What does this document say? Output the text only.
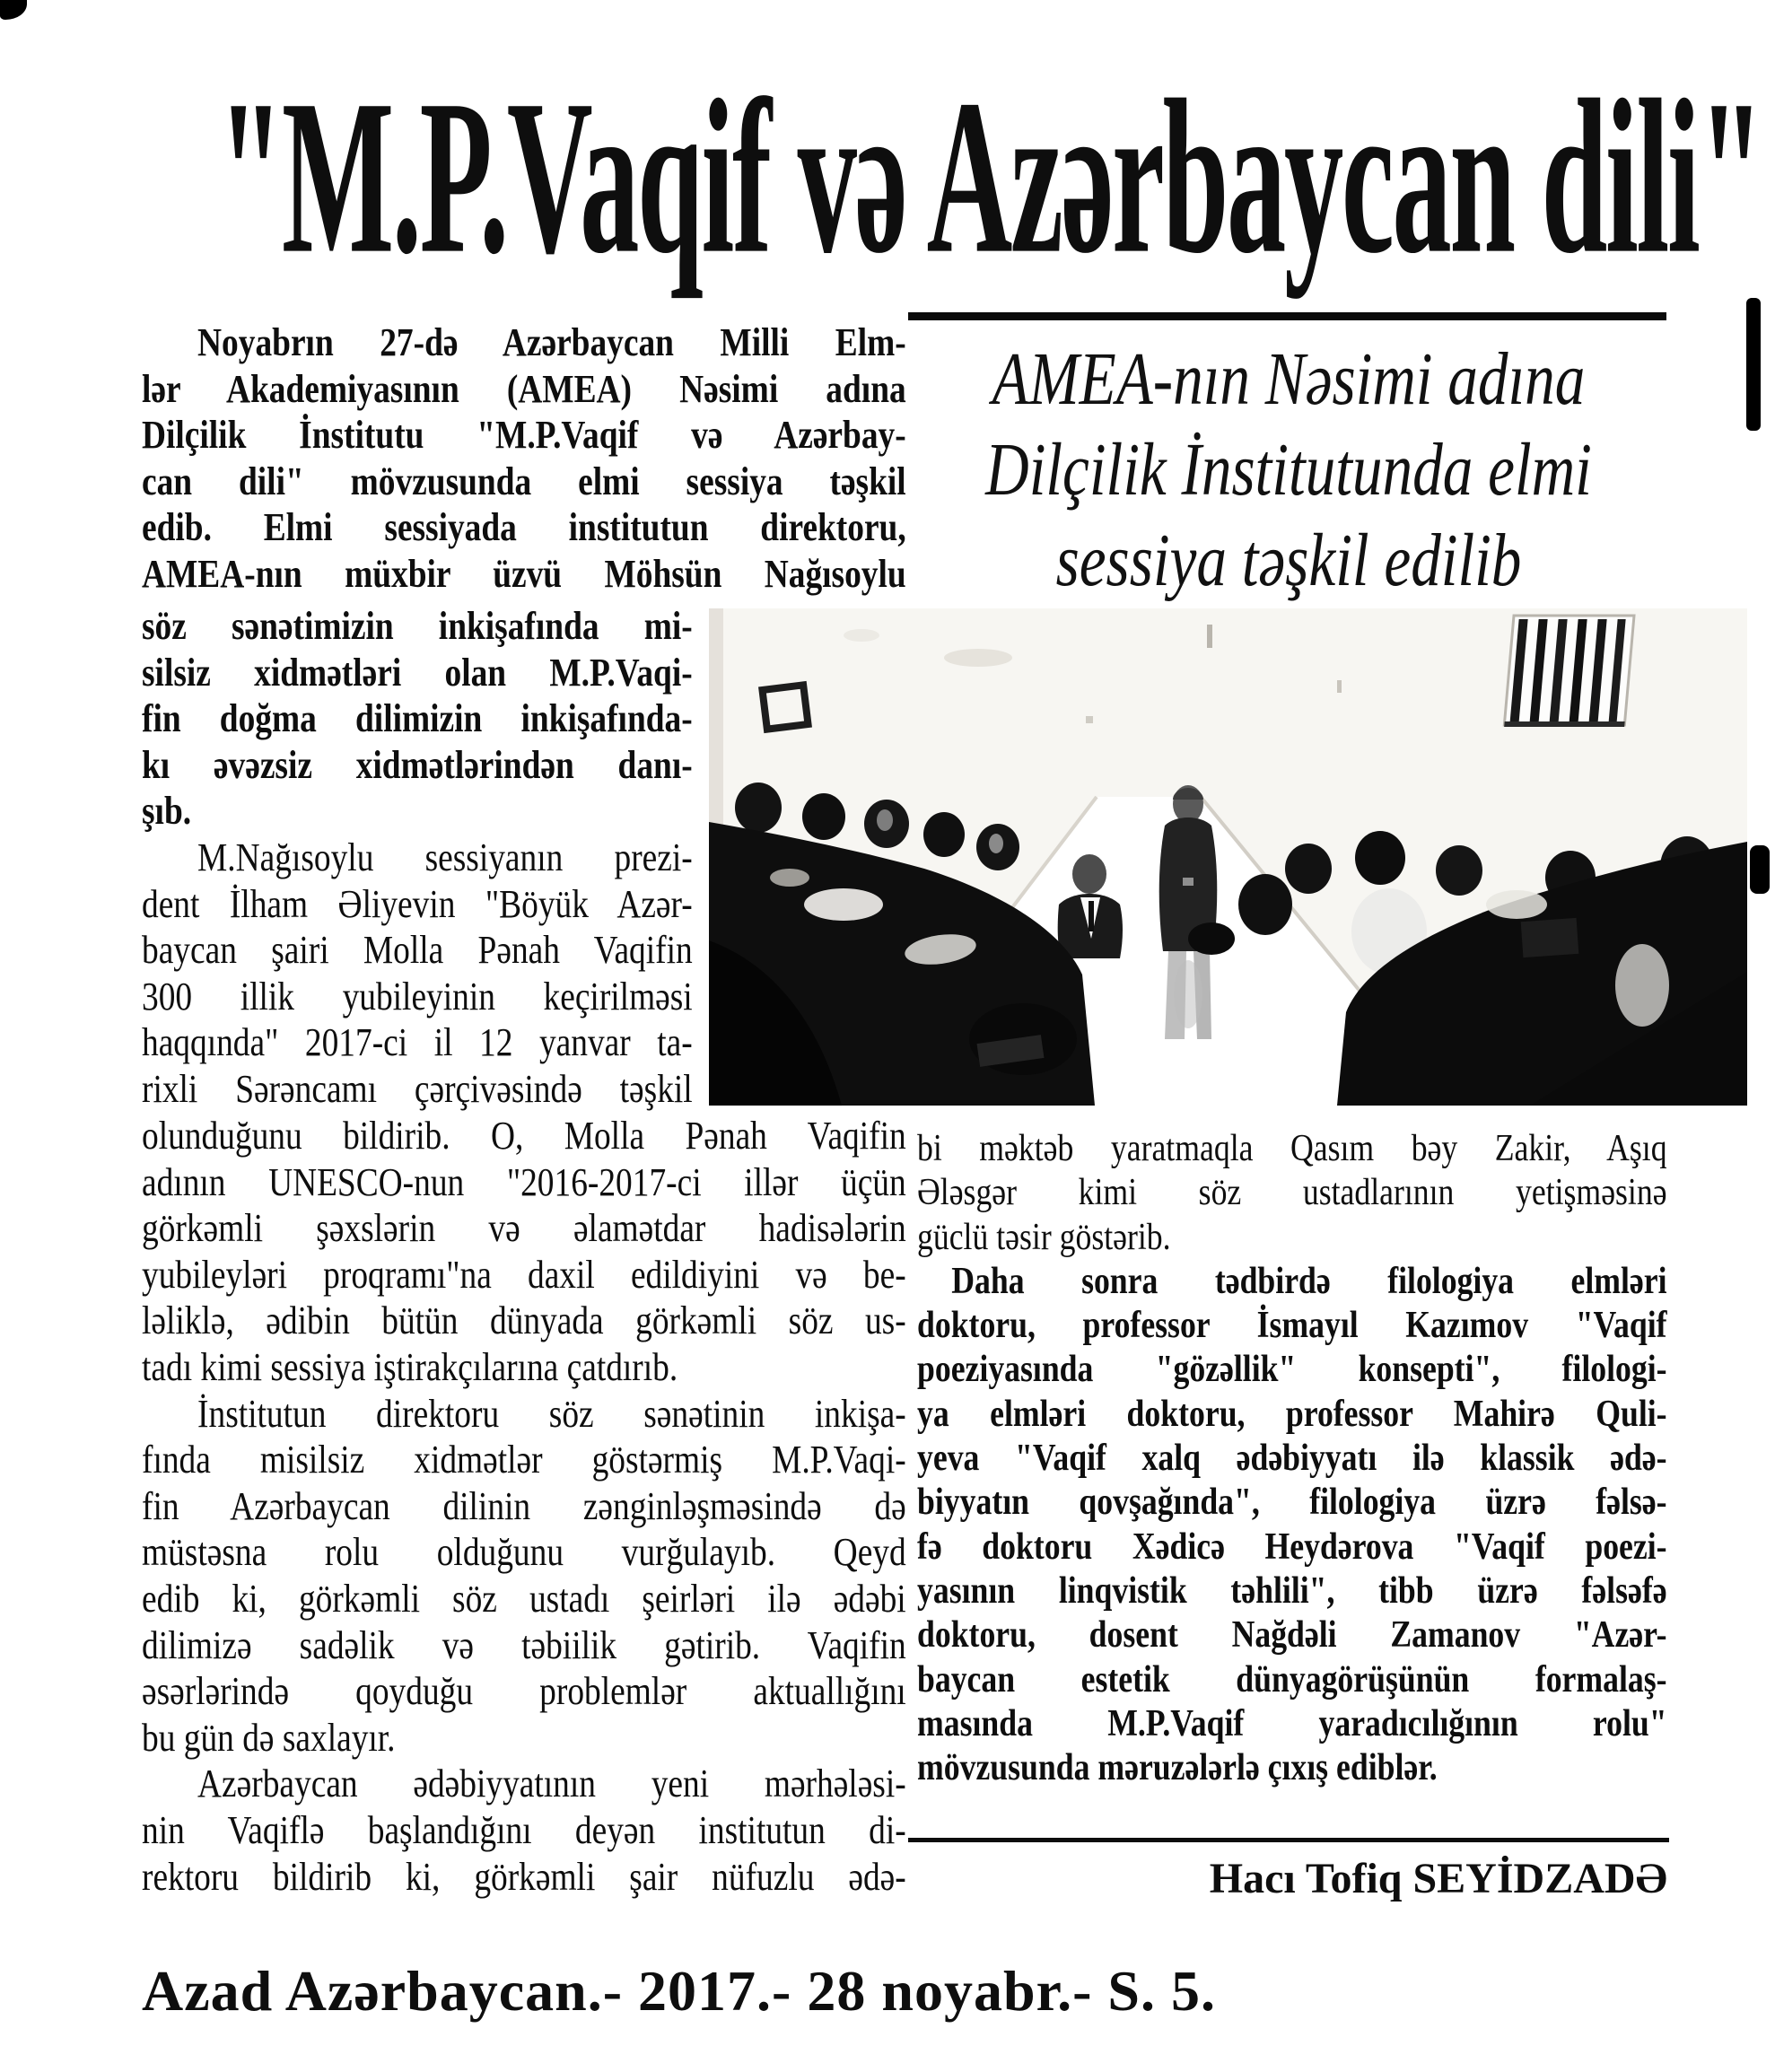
"M.P.Vaqif və Azərbaycan dili"
AMEA-nın Nəsimi adına
Dilçilik İnstitutunda elmi
sessiya təşkil edilib
Noyabrın 27-də Azərbaycan Milli Elm-
lər Akademiyasının (AMEA) Nəsimi adına
Dilçilik İnstitutu "M.P.Vaqif və Azərbay-
can dili" mövzusunda elmi sessiya təşkil
edib. Elmi sessiyada institutun direktoru,
AMEA-nın müxbir üzvü Möhsün Nağısoylu
söz sənətimizin inkişafında mi-
silsiz xidmətləri olan M.P.Vaqi-
fin doğma dilimizin inkişafında-
kı əvəzsiz xidmətlərindən danı-
şıb.
M.Nağısoylu sessiyanın prezi-
dent İlham Əliyevin "Böyük Azər-
baycan şairi Molla Pənah Vaqifin
300 illik yubileyinin keçirilməsi
haqqında" 2017-ci il 12 yanvar ta-
rixli Sərəncamı çərçivəsində təşkil
olunduğunu bildirib. O, Molla Pənah Vaqifin
adının UNESCO-nun "2016-2017-ci illər üçün
görkəmli şəxslərin və əlamətdar hadisələrin
yubileyləri proqramı"na daxil edildiyini və be-
ləliklə, ədibin bütün dünyada görkəmli söz us-
tadı kimi sessiya iştirakçılarına çatdırıb.
İnstitutun direktoru söz sənətinin inkişa-
fında misilsiz xidmətlər göstərmiş M.P.Vaqi-
fin Azərbaycan dilinin zənginləşməsində də
müstəsna rolu olduğunu vurğulayıb. Qeyd
edib ki, görkəmli söz ustadı şeirləri ilə ədəbi
dilimizə sadəlik və təbiilik gətirib. Vaqifin
əsərlərində qoyduğu problemlər aktuallığını
bu gün də saxlayır.
Azərbaycan ədəbiyyatının yeni mərhələsi-
nin Vaqiflə başlandığını deyən institutun di-
rektoru bildirib ki, görkəmli şair nüfuzlu ədə-
bi məktəb yaratmaqla Qasım bəy Zakir, Aşıq
Ələsgər kimi söz ustadlarının yetişməsinə
güclü təsir göstərib.
Daha sonra tədbirdə filologiya elmləri
doktoru, professor İsmayıl Kazımov "Vaqif
poeziyasında "gözəllik" konsepti", filologi-
ya elmləri doktoru, professor Mahirə Quli-
yeva "Vaqif xalq ədəbiyyatı ilə klassik ədə-
biyyatın qovşağında", filologiya üzrə fəlsə-
fə doktoru Xədicə Heydərova "Vaqif poezi-
yasının linqvistik təhlili", tibb üzrə fəlsəfə
doktoru, dosent Nağdəli Zamanov "Azər-
baycan estetik dünyagörüşünün formalaş-
masında M.P.Vaqif yaradıcılığının rolu"
mövzusunda məruzələrlə çıxış ediblər.
Hacı Tofiq SEYİDZADƏ
Azad Azərbaycan.- 2017.- 28 noyabr.- S. 5.
